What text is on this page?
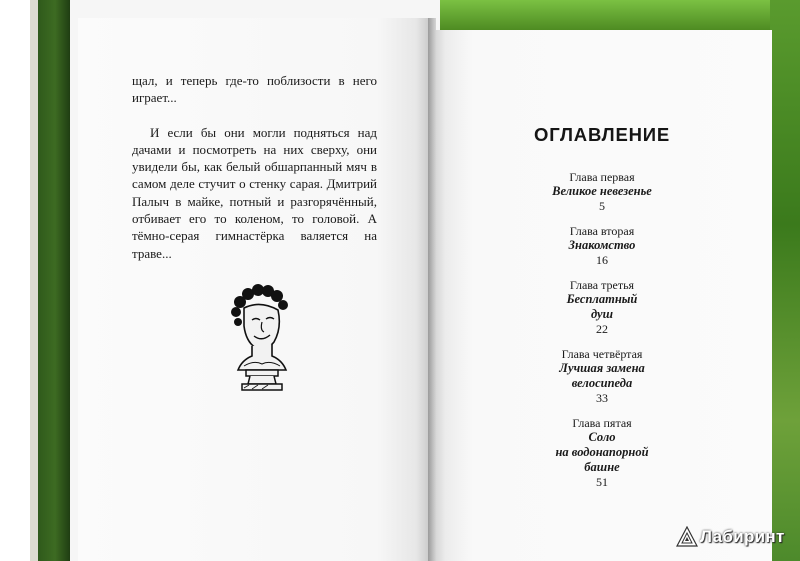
щал, и теперь где-то поблизости в него играет...

И если бы они могли подняться над дачами и посмотреть на них сверху, они увидели бы, как белый обшарпанный мяч в самом деле стучит о стенку сарая. Дмитрий Палыч в майке, потный и разгорячённый, отбивает его то коленом, то головой. А тёмно-серая гимнастёрка валяется на траве...

ОГЛАВЛЕНИЕ
Глава первая
Великое невезенье
5
Глава вторая
Знакомство
16
Глава третья
Бесплатный
душ
22
Глава четвёртая
Лучшая замена
велосипеда
33
Глава пятая
Соло
на водонапорной
башне
51
Лабиринт
